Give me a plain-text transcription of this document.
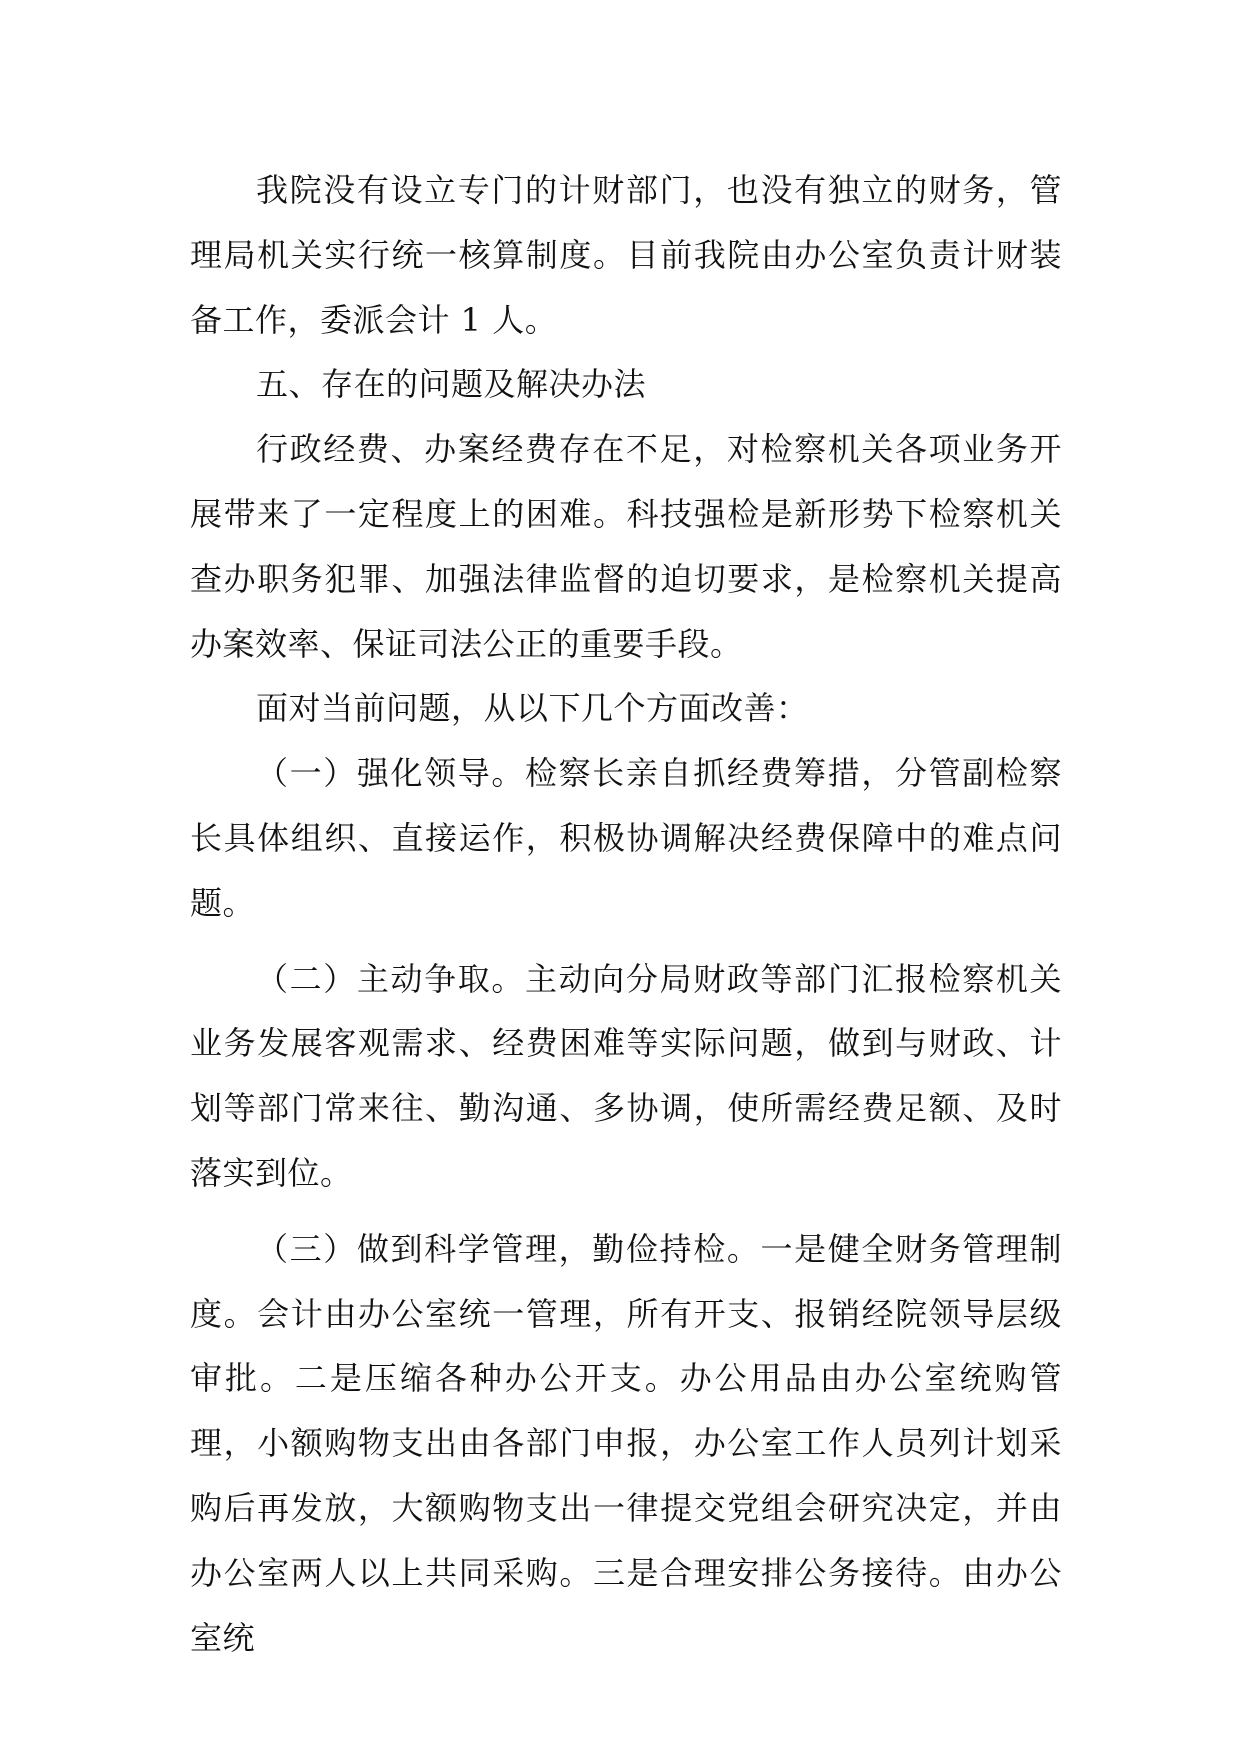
我院没有设立专门的计财部门，也没有独立的财务，管理局机关实行统一核算制度。目前我院由办公室负责计财装备工作，委派会计 1 人。

五、存在的问题及解决办法

行政经费、办案经费存在不足，对检察机关各项业务开展带来了一定程度上的困难。科技强检是新形势下检察机关查办职务犯罪、加强法律监督的迫切要求，是检察机关提高办案效率、保证司法公正的重要手段。

面对当前问题，从以下几个方面改善：

（一）强化领导。检察长亲自抓经费筹措，分管副检察长具体组织、直接运作，积极协调解决经费保障中的难点问题。

（二）主动争取。主动向分局财政等部门汇报检察机关业务发展客观需求、经费困难等实际问题，做到与财政、计划等部门常来往、勤沟通、多协调，使所需经费足额、及时落实到位。

（三）做到科学管理，勤俭持检。一是健全财务管理制度。会计由办公室统一管理，所有开支、报销经院领导层级审批。二是压缩各种办公开支。办公用品由办公室统购管理，小额购物支出由各部门申报，办公室工作人员列计划采购后再发放，大额购物支出一律提交党组会研究决定，并由办公室两人以上共同采购。三是合理安排公务接待。由办公室统
